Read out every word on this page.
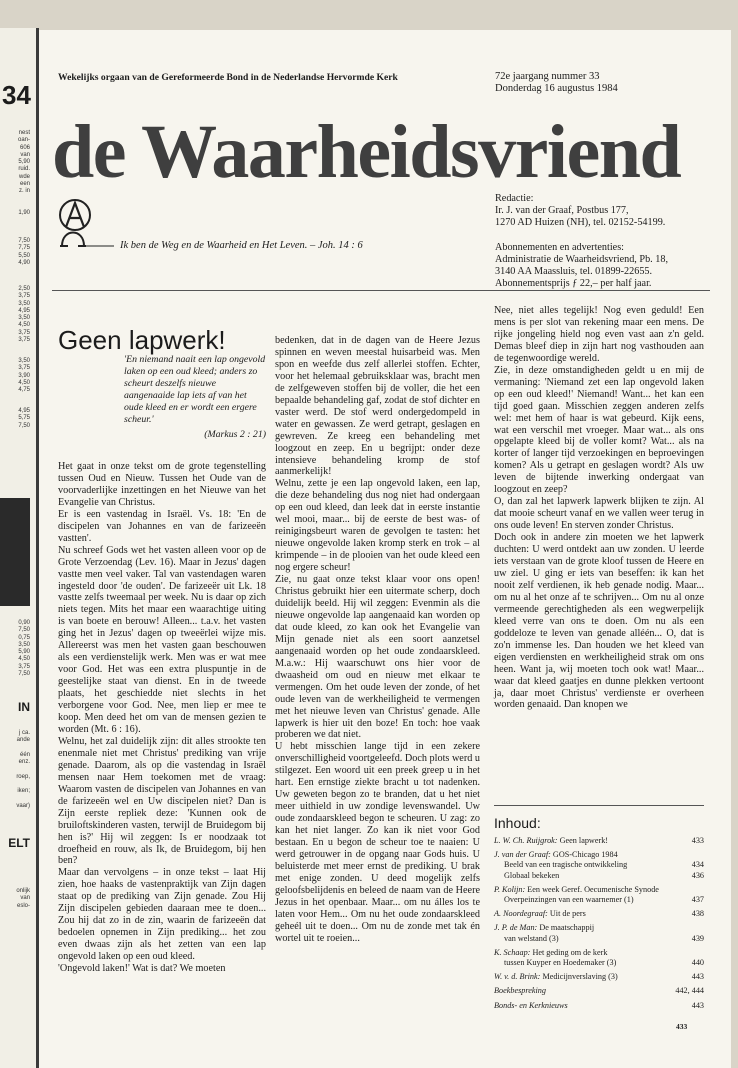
34
nest
oan-
606
van
5,90
ruid.
wde
een
z. in
1,90
7,50
7,75
5,50
4,90
2,50
3,75
3,50
4,95
3,50
4,50
3,75
3,75
3,50
3,75
3,90
4,50
4,75
4,95
5,75
7,50
0,90
7,50
0,75
3,50
5,90
4,50
3,75
7,50
IN
j ca.
ande

één
enz.

roep,

iken;

vaar)
ELT
onlijk
van
eslo-
Wekelijks orgaan van de Gereformeerde Bond in de Nederlandse Hervormde Kerk	72e jaargang nummer 33
Donderdag 16 augustus 1984
de Waarheidsvriend
Ik ben de Weg en de Waarheid en Het Leven. – Joh. 14 : 6
Redactie:
Ir. J. van der Graaf, Postbus 177,
1270 AD Huizen (NH), tel. 02152-54199.
Abonnementen en advertenties:
Administratie de Waarheidsvriend, Pb. 18,
3140 AA Maassluis, tel. 01899-22655.
Abonnementsprijs ƒ 22,– per half jaar.
Geen lapwerk!
'En niemand naait een lap ongevold laken op een oud kleed; anders zo scheurt deszelfs nieuwe aangenaaide lap iets af van het oude kleed en er wordt een ergere scheur.'
(Markus 2 : 21)

Het gaat in onze tekst om de grote tegenstelling tussen Oud en Nieuw. Tussen het Oude van de voorvaderlijke inzettingen en het Nieuwe van het Evangelie van Christus.

Er is een vastendag in Israël. Vs. 18: 'En de discipelen van Johannes en van de farizeeën vastten'.

Nu schreef Gods wet het vasten alleen voor op de Grote Verzoendag (Lev. 16). Maar in Jezus' dagen vastte men veel vaker. Tal van vastendagen waren ingesteld door 'de ouden'. De farizeeër uit Lk. 18 vastte zelfs tweemaal per week. Nu is daar op zich niets tegen. Mits het maar een waarachtige uiting is van boete en berouw! Alleen... t.a.v. het vasten ging het in Jezus' dagen op tweeërlei wijze mis. Allereerst was men het vasten gaan beschouwen als een verdienstelijk werk. Men was er wat mee voor God. Het was een extra pluspuntje in de geestelijke staat van dienst. En in de tweede plaats, het geschiedde niet slechts in het verborgene voor God. Nee, men liep er mee te koop. Men deed het om van de mensen gezien te worden (Mt. 6 : 16).

Welnu, het zal duidelijk zijn: dit alles strookte ten enenmale niet met Christus' prediking van vrije genade. Daarom, als op die vastendag in Israël mensen naar Hem toekomen met de vraag: Waarom vasten de discipelen van Johannes en van de farizeeën wel en Uw discipelen niet? Dan is Zijn eerste repliek deze: 'Kunnen ook de bruiloftskinderen vasten, terwijl de Bruidegom bij hen is?' Hij wil zeggen: Is er noodzaak tot droefheid en rouw, als Ik, de Bruidegom, bij hen ben?

Maar dan vervolgens – in onze tekst – laat Hij zien, hoe haaks de vastenpraktijk van Zijn dagen staat op de prediking van Zijn genade. Zou Hij Zijn discipelen gebieden daaraan mee te doen... Zou hij dat zo in de zin, waarin de farizeeën dat bedoelen opnemen in Zijn prediking... het zou even dwaas zijn als het zetten van een lap ongevold laken op een oud kleed.

'Ongevold laken!' Wat is dat? We moeten

bedenken, dat in de dagen van de Heere Jezus spinnen en weven meestal huisarbeid was. Men spon en weefde dus zelf allerlei stoffen. Echter, voor het helemaal gebruiksklaar was, bracht men de zelfgeweven stoffen bij de voller, die het een bepaalde behandeling gaf, zodat de stof dichter en vaster werd. De stof werd ondergedompeld in water en gewassen. Ze werd getrapt, geslagen en gewreven. Ze kreeg een behandeling met loogzout en zeep. En u begrijpt: onder deze intensieve behandeling kromp de stof aanmerkelijk!

Welnu, zette je een lap ongevold laken, een lap, die deze behandeling dus nog niet had ondergaan op een oud kleed, dan leek dat in eerste instantie wel mooi, maar... bij de eerste de best was- of reinigingsbeurt waren de gevolgen te tasten: het nieuwe ongevolde laken kromp sterk en trok – al krimpende – in de plooien van het oude kleed een nog ergere scheur!

Zie, nu gaat onze tekst klaar voor ons open! Christus gebruikt hier een uitermate scherp, doch duidelijk beeld. Hij wil zeggen: Evenmin als die nieuwe ongevolde lap aangenaaid kan worden op dat oude kleed, zo kan ook het Evangelie van Mijn genade niet als een soort aanzetsel aangenaaid worden op het oude zondaarskleed. M.a.w.: Hij waarschuwt ons hier voor de dwaasheid om oud en nieuw met elkaar te vermengen. Om het oude leven der zonde, of het oude leven van de werkheiligheid te vermengen met het nieuwe leven van Christus' genade. Alle lapwerk is hier uit den boze! En toch: hoe vaak proberen we dat niet.

U hebt misschien lange tijd in een zekere onverschilligheid voortgeleefd. Doch plots werd u stilgezet. Een woord uit een preek greep u in het hart. Een ernstige ziekte bracht u tot nadenken. Uw geweten begon zo te branden, dat u het niet meer uithield in uw zondige levenswandel. Uw oude zondaarskleed begon te scheuren. U zag: zo kan het niet langer. Zo kan ik niet voor God bestaan. En u begon de scheur toe te naaien: U werd getrouwer in de opgang naar Gods huis. U beluisterde met meer ernst de prediking. U brak met enige zonden. U deed mogelijk zelfs geloofsbelijdenis en beleed de naam van de Heere Jezus in het openbaar. Maar... om nu álles los te laten voor Hem... Om nu het oude zondaarskleed geheél uit te doen... Om nu de zonde met tak én wortel uit te roeien...

Nee, niet alles tegelijk! Nog even geduld! Een mens is per slot van rekening maar een mens. De rijke jongeling hield nog even vast aan z'n geld. Demas bleef diep in zijn hart nog vasthouden aan de tegenwoordige wereld.

Zie, in deze omstandigheden geldt u en mij de vermaning: 'Niemand zet een lap ongevold laken op een oud kleed!' Niemand! Want... het kan een tijd goed gaan. Misschien zeggen anderen zelfs wel: met hem of haar is wat gebeurd. Kijk eens, wat een verschil met vroeger. Maar wat... als ons opgelapte kleed bij de voller komt? Wat... als na korter of langer tijd verzoekingen en beproevingen komen? Als u getrapt en geslagen wordt? Als uw leven de bijtende inwerking ondergaat van loogzout en zeep?

O, dan zal het lapwerk lapwerk blijken te zijn. Al dat mooie scheurt vanaf en we vallen weer terug in ons oude leven! En sterven zonder Christus.

Doch ook in andere zin moeten we het lapwerk duchten: U werd ontdekt aan uw zonden. U leerde iets verstaan van de grote kloof tussen de Heere en uw ziel. U ging er iets van beseffen: ik kan het nooit zelf verdienen, ik heb genade nodig. Maar... om nu al het onze af te schrijven... Om nu al onze vermeende gerechtigheden als een wegwerpelijk kleed verre van ons te doen. Om nu als een goddeloze te leven van genade alléén... O, dat is zo'n immense les. Dan houden we het kleed van eigen verdiensten en werkheiligheid strak om ons heen. Want ja, wij moeten toch ook wat! Maar... waar dat kleed gaatjes en dunne plekken vertoont ja, daar moet Christus' verdienste er overheen worden genaaid. Dan knopen we

Inhoud:
L. W. Ch. Ruijgrok: Geen lapwerk!	433
J. van der Graaf: GOS-Chicago 1984
Beeld van een tragische ontwikkeling	434
Globaal bekeken	436
P. Kolijn: Een week Geref. Oecumenische Synode
Overpeinzingen van een waarnemer (1)	437
A. Noordegraaf: Uit de pers	438
J. P. de Man: De maatschappij
van welstand (3)	439
K. Schaap: Het geding om de kerk
tussen Kuyper en Hoedemaker (3)	440
W. v. d. Brink: Medicijnverslaving (3)	443
Boekbespreking	442, 444
Bonds- en Kerknieuws	443
433
